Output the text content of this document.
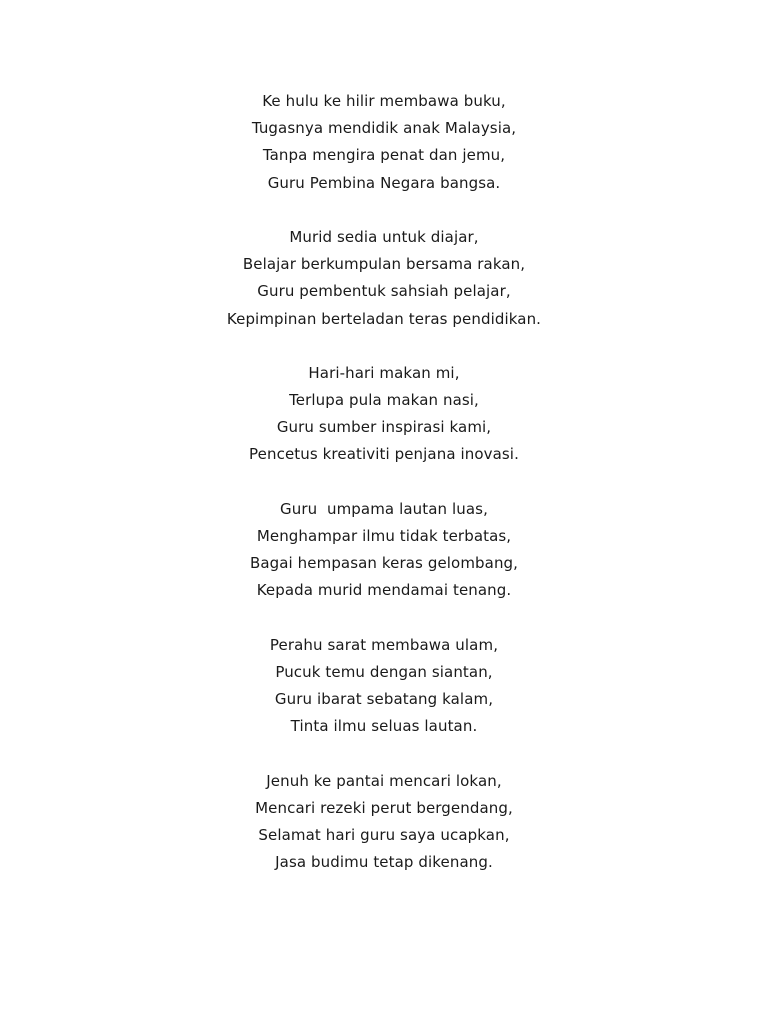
Ke hulu ke hilir membawa buku,
Tugasnya mendidik anak Malaysia,
Tanpa mengira penat dan jemu,
Guru Pembina Negara bangsa.
Murid sedia untuk diajar,
Belajar berkumpulan bersama rakan,
Guru pembentuk sahsiah pelajar,
Kepimpinan berteladan teras pendidikan.
Hari-hari makan mi,
Terlupa pula makan nasi,
Guru sumber inspirasi kami,
Pencetus kreativiti penjana inovasi.
Guru  umpama lautan luas,
Menghampar ilmu tidak terbatas,
Bagai hempasan keras gelombang,
Kepada murid mendamai tenang.
Perahu sarat membawa ulam,
Pucuk temu dengan siantan,
Guru ibarat sebatang kalam,
Tinta ilmu seluas lautan.
Jenuh ke pantai mencari lokan,
Mencari rezeki perut bergendang,
Selamat hari guru saya ucapkan,
Jasa budimu tetap dikenang.
